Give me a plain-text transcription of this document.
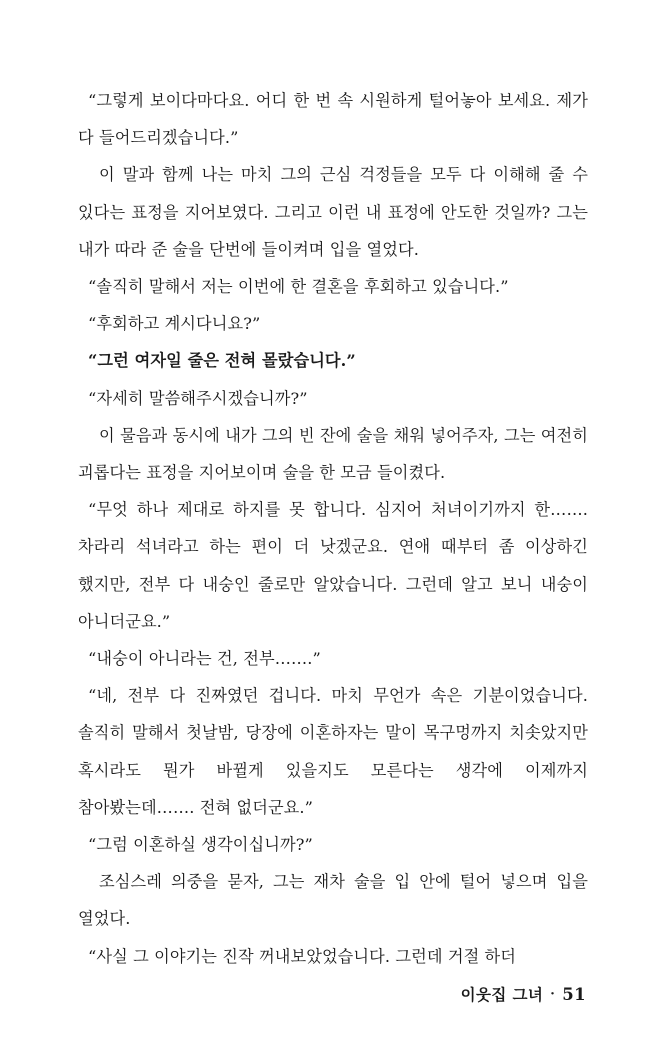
“그렇게 보이다마다요. 어디 한 번 속 시원하게 털어놓아 보세요. 제가 다 들어드리겠습니다.”

이 말과 함께 나는 마치 그의 근심 걱정들을 모두 다 이해해 줄 수 있다는 표정을 지어보였다. 그리고 이런 내 표정에 안도한 것일까? 그는 내가 따라 준 술을 단번에 들이켜며 입을 열었다.

“솔직히 말해서 저는 이번에 한 결혼을 후회하고 있습니다.”

“후회하고 계시다니요?”

“그런 여자일 줄은 전혀 몰랐습니다.”

“자세히 말씀해주시겠습니까?”

이 물음과 동시에 내가 그의 빈 잔에 술을 채워 넣어주자, 그는 여전히 괴롭다는 표정을 지어보이며 술을 한 모금 들이켰다.

“무엇 하나 제대로 하지를 못 합니다. 심지어 처녀이기까지 한……. 차라리 석녀라고 하는 편이 더 낫겠군요. 연애 때부터 좀 이상하긴 했지만, 전부 다 내숭인 줄로만 알았습니다. 그런데 알고 보니 내숭이 아니더군요.”

“내숭이 아니라는 건, 전부…….”

“네, 전부 다 진짜였던 겁니다. 마치 무언가 속은 기분이었습니다. 솔직히 말해서 첫날밤, 당장에 이혼하자는 말이 목구멍까지 치솟았지만 혹시라도 뭔가 바뀔게 있을지도 모른다는 생각에 이제까지 참아봤는데……. 전혀 없더군요.”

“그럼 이혼하실 생각이십니까?”

조심스레 의중을 묻자, 그는 재차 술을 입 안에 털어 넣으며 입을 열었다.

“사실 그 이야기는 진작 꺼내보았었습니다. 그런데 거절 하더

이웃집 그녀 · 51
